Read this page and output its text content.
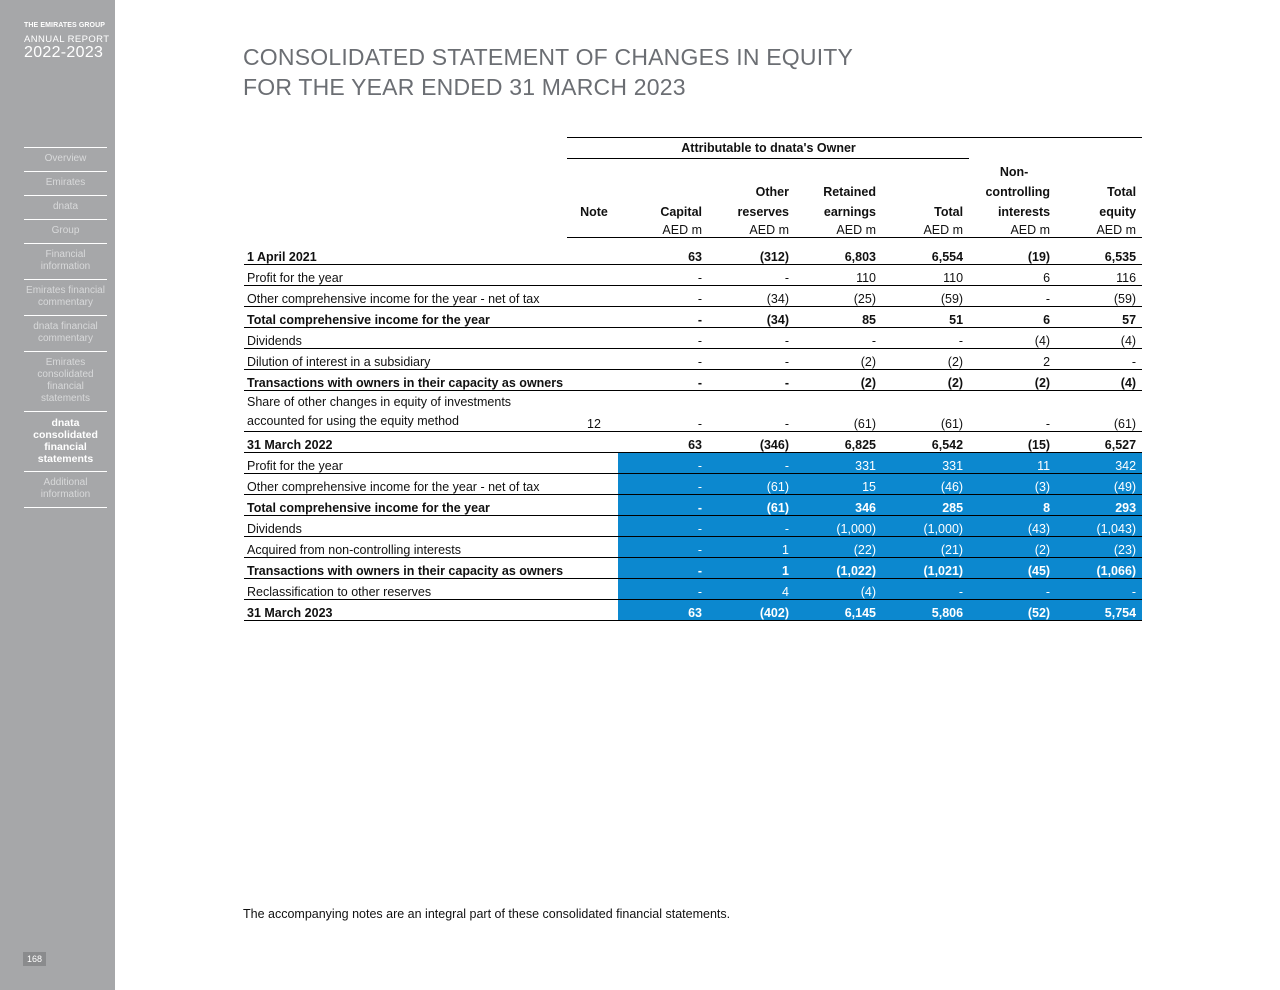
THE EMIRATES GROUP
ANNUAL REPORT
2022-2023
Overview
Emirates
dnata
Group
Financial information
Emirates financial commentary
dnata financial commentary
Emirates consolidated financial statements
dnata consolidated financial statements
Additional information
168
CONSOLIDATED STATEMENT OF CHANGES IN EQUITY
FOR THE YEAR ENDED 31 MARCH 2023
	Attributable to dnata's Owner						
						Non-	
			Other	Retained		controlling	Total
	Note	Capital	reserves	earnings	Total	interests	equity
		AED m	AED m	AED m	AED m	AED m	AED m
1 April 2021		63	(312)	6,803	6,554	(19)	6,535
Profit for the year		-	-	110	110	6	116
Other comprehensive income for the year - net of tax		-	(34)	(25)	(59)	-	(59)
Total comprehensive income for the year		-	(34)	85	51	6	57
Dividends		-	-	-	-	(4)	(4)
Dilution of interest in a subsidiary		-	-	(2)	(2)	2	-
Transactions with owners in their capacity as owners		-	-	(2)	(2)	(2)	(4)

Share of other changes in equity of investments
accounted for using the equity method	12	-	-	(61)	(61)	-	(61)
31 March 2022		63	(346)	6,825	6,542	(15)	6,527
Profit for the year		-	-	331	331	11	342
Other comprehensive income for the year - net of tax		-	(61)	15	(46)	(3)	(49)
Total comprehensive income for the year		-	(61)	346	285	8	293
Dividends		-	-	(1,000)	(1,000)	(43)	(1,043)
Acquired from non-controlling interests		-	1	(22)	(21)	(2)	(23)
Transactions with owners in their capacity as owners		-	1	(1,022)	(1,021)	(45)	(1,066)
Reclassification to other reserves		-	4	(4)	-	-	-
31 March 2023		63	(402)	6,145	5,806	(52)	5,754
The accompanying notes are an integral part of these consolidated financial statements.
